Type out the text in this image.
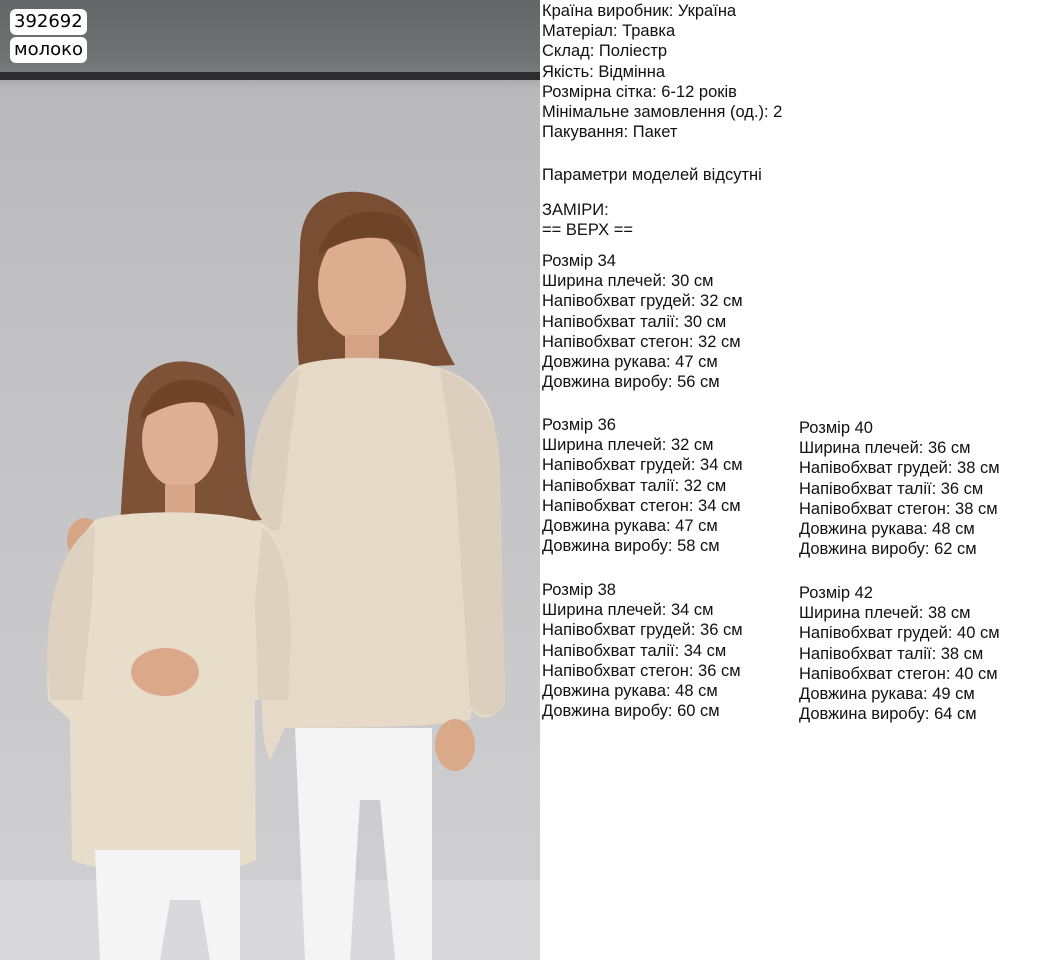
392692
молоко
Країна виробник: Україна
Матеріал: Травка
Склад: Поліестр
Якість: Відмінна
Розмірна сітка: 6-12 років
Мінімальне замовлення (од.): 2
Пакування: Пакет
Параметри моделей відсутні
ЗАМІРИ:
== ВЕРХ ==
Розмір 34
Ширина плечей: 30 см
Напівобхват грудей: 32 см
Напівобхват талії: 30 см
Напівобхват стегон: 32 см
Довжина рукава: 47 см
Довжина виробу: 56 см
Розмір 36
Ширина плечей: 32 см
Напівобхват грудей: 34 см
Напівобхват талії: 32 см
Напівобхват стегон: 34 см
Довжина рукава: 47 см
Довжина виробу: 58 см
Розмір 38
Ширина плечей: 34 см
Напівобхват грудей: 36 см
Напівобхват талії: 34 см
Напівобхват стегон: 36 см
Довжина рукава: 48 см
Довжина виробу: 60 см
Розмір 40
Ширина плечей: 36 см
Напівобхват грудей: 38 см
Напівобхват талії: 36 см
Напівобхват стегон: 38 см
Довжина рукава: 48 см
Довжина виробу: 62 см
Розмір 42
Ширина плечей: 38 см
Напівобхват грудей: 40 см
Напівобхват талії: 38 см
Напівобхват стегон: 40 см
Довжина рукава: 49 см
Довжина виробу: 64 см
